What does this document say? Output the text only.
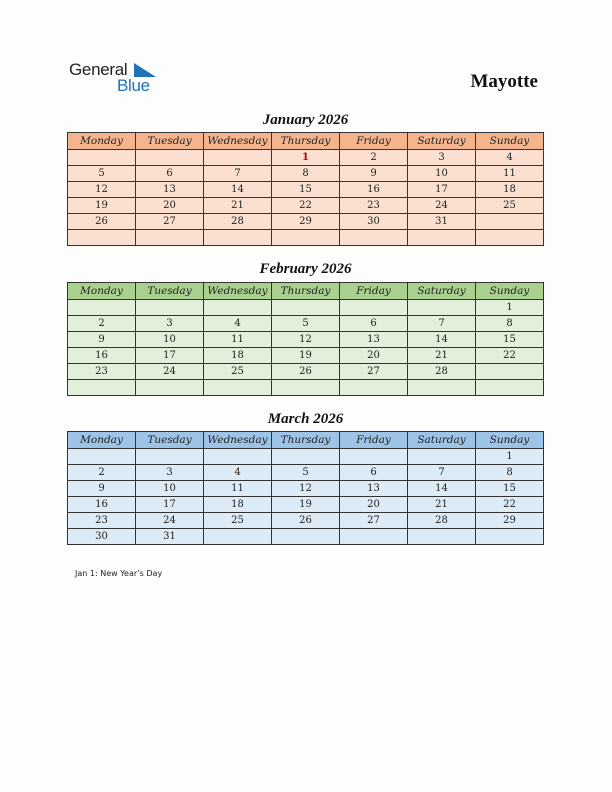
General
Blue	Mayotte
January 2026
Monday	Tuesday	Wednesday	Thursday	Friday	Saturday	Sunday
			1	2	3	4
5	6	7	8	9	10	11
12	13	14	15	16	17	18
19	20	21	22	23	24	25
26	27	28	29	30	31	

February 2026
Monday	Tuesday	Wednesday	Thursday	Friday	Saturday	Sunday
						1
2	3	4	5	6	7	8
9	10	11	12	13	14	15
16	17	18	19	20	21	22
23	24	25	26	27	28	

March 2026
Monday	Tuesday	Wednesday	Thursday	Friday	Saturday	Sunday
						1
2	3	4	5	6	7	8
9	10	11	12	13	14	15
16	17	18	19	20	21	22
23	24	25	26	27	28	29
30	31					
Jan 1: New Year’s Day
